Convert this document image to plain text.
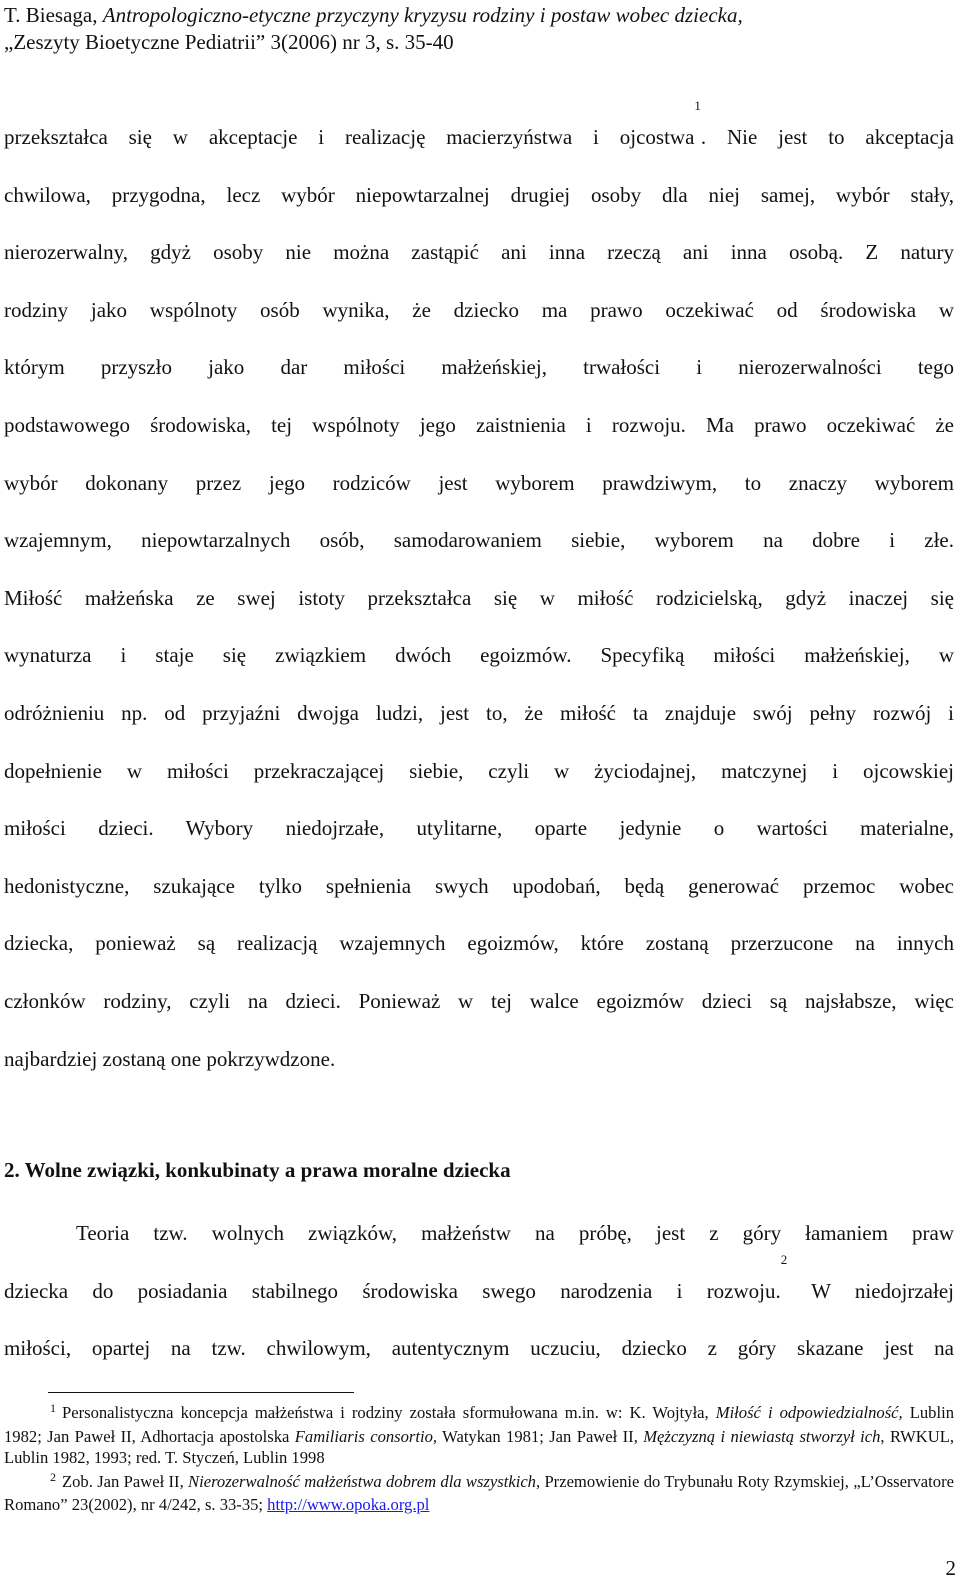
T. Biesaga, Antropologiczno-etyczne przyczyny kryzysu rodziny i postaw wobec dziecka,
„Zeszyty Bioetyczne Pediatrii” 3(2006) nr 3, s. 35-40
przekształca się w akceptacje i realizację macierzyństwa i ojcostwa$^1$. Nie jest to akceptacja
chwilowa, przygodna, lecz wybór niepowtarzalnej drugiej osoby dla niej samej, wybór stały,
nierozerwalny, gdyż osoby nie można zastąpić ani inna rzeczą ani inna osobą. Z natury
rodziny jako wspólnoty osób wynika, że dziecko ma prawo oczekiwać od środowiska w
którym przyszło jako dar miłości małżeńskiej, trwałości i nierozerwalności tego
podstawowego środowiska, tej wspólnoty jego zaistnienia i rozwoju. Ma prawo oczekiwać że
wybór dokonany przez jego rodziców jest wyborem prawdziwym, to znaczy wyborem
wzajemnym, niepowtarzalnych osób, samodarowaniem siebie, wyborem na dobre i złe.
Miłość małżeńska ze swej istoty przekształca się w miłość rodzicielską, gdyż inaczej się
wynaturza i staje się związkiem dwóch egoizmów. Specyfiką miłości małżeńskiej, w
odróżnieniu np. od przyjaźni dwojga ludzi, jest to, że miłość ta znajduje swój pełny rozwój i
dopełnienie w miłości przekraczającej siebie, czyli w życiodajnej, matczynej i ojcowskiej
miłości dzieci. Wybory niedojrzałe, utylitarne, oparte jedynie o wartości materialne,
hedonistyczne, szukające tylko spełnienia swych upodobań, będą generować przemoc wobec
dziecka, ponieważ są realizacją wzajemnych egoizmów, które zostaną przerzucone na innych
członków rodziny, czyli na dzieci. Ponieważ w tej walce egoizmów dzieci są najsłabsze, więc
najbardziej zostaną one pokrzywdzone.
2. Wolne związki, konkubinaty a prawa moralne dziecka
Teoria tzw. wolnych związków, małżeństw na próbę, jest z góry łamaniem praw
dziecka do posiadania stabilnego środowiska swego narodzenia i rozwoju.$^2$ W niedojrzałej
miłości, opartej na tzw. chwilowym, autentycznym uczuciu, dziecko z góry skazane jest na

$^1$ Personalistyczna koncepcja małżeństwa i rodziny została sformułowana m.in. w: K. Wojtyła, Miłość i odpowiedzialność, Lublin 1982; Jan Paweł II, Adhortacja apostolska Familiaris consortio, Watykan 1981; Jan Paweł II, Mężczyzną i niewiastą stworzył ich, RWKUL, Lublin 1982, 1993; red. T. Styczeń, Lublin 1998

$^2$ Zob. Jan Paweł II, Nierozerwalność małżeństwa dobrem dla wszystkich, Przemowienie do Trybunału Roty Rzymskiej, „L’Osservatore Romano” 23(2002), nr 4/242, s. 33-35; http://www.opoka.org.pl

2
